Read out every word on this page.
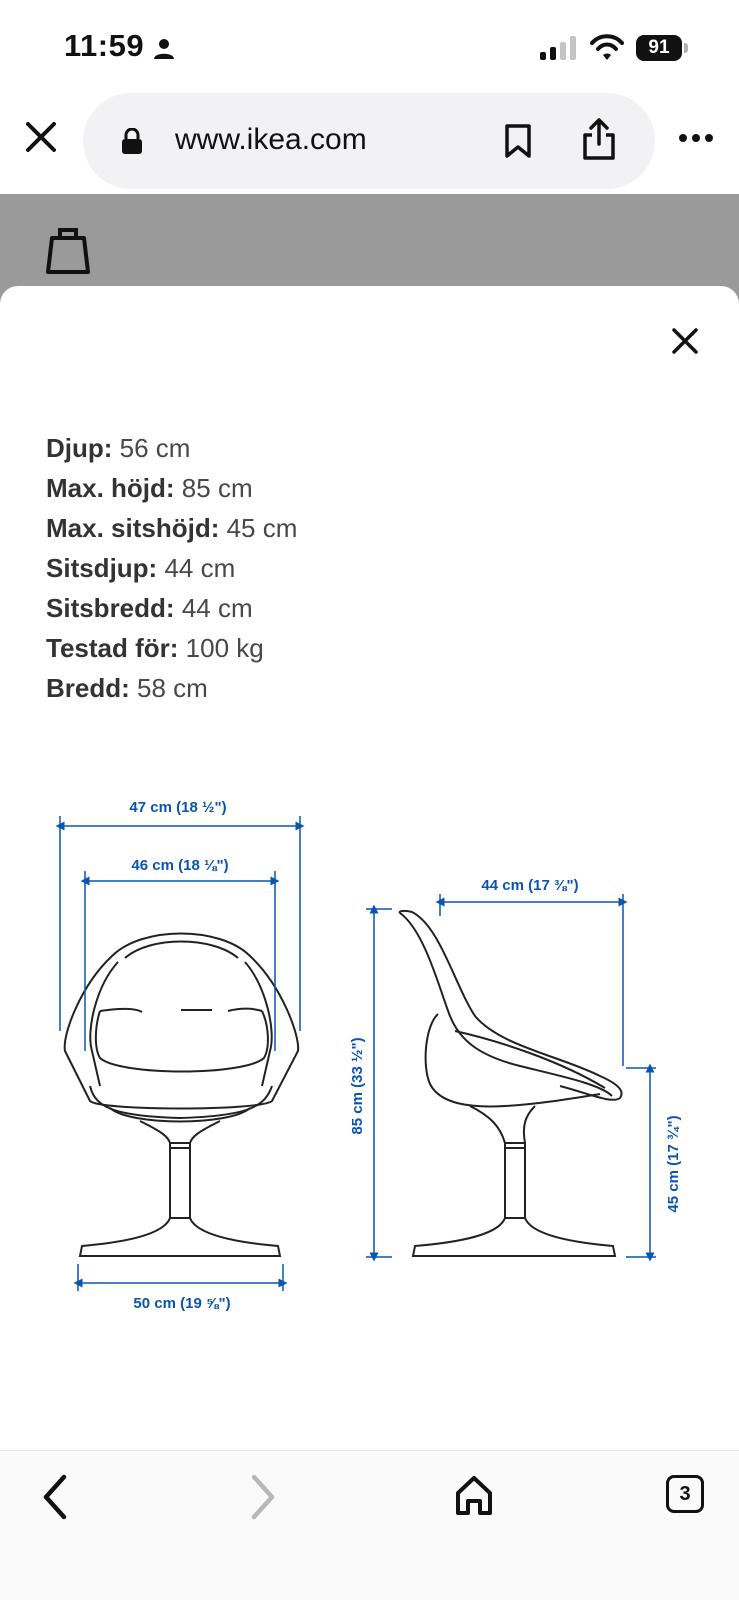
11:59	91
www.ikea.com
Djup: 56 cm
Max. höjd: 85 cm
Max. sitshöjd: 45 cm
Sitsdjup: 44 cm
Sitsbredd: 44 cm
Testad för: 100 kg
Bredd: 58 cm
47 cm (18 ½")
46 cm (18 ⅛")
50 cm (19 ⅝")
44 cm (17 ⅜")
85 cm (33 ½")
45 cm (17 ¾")
3
